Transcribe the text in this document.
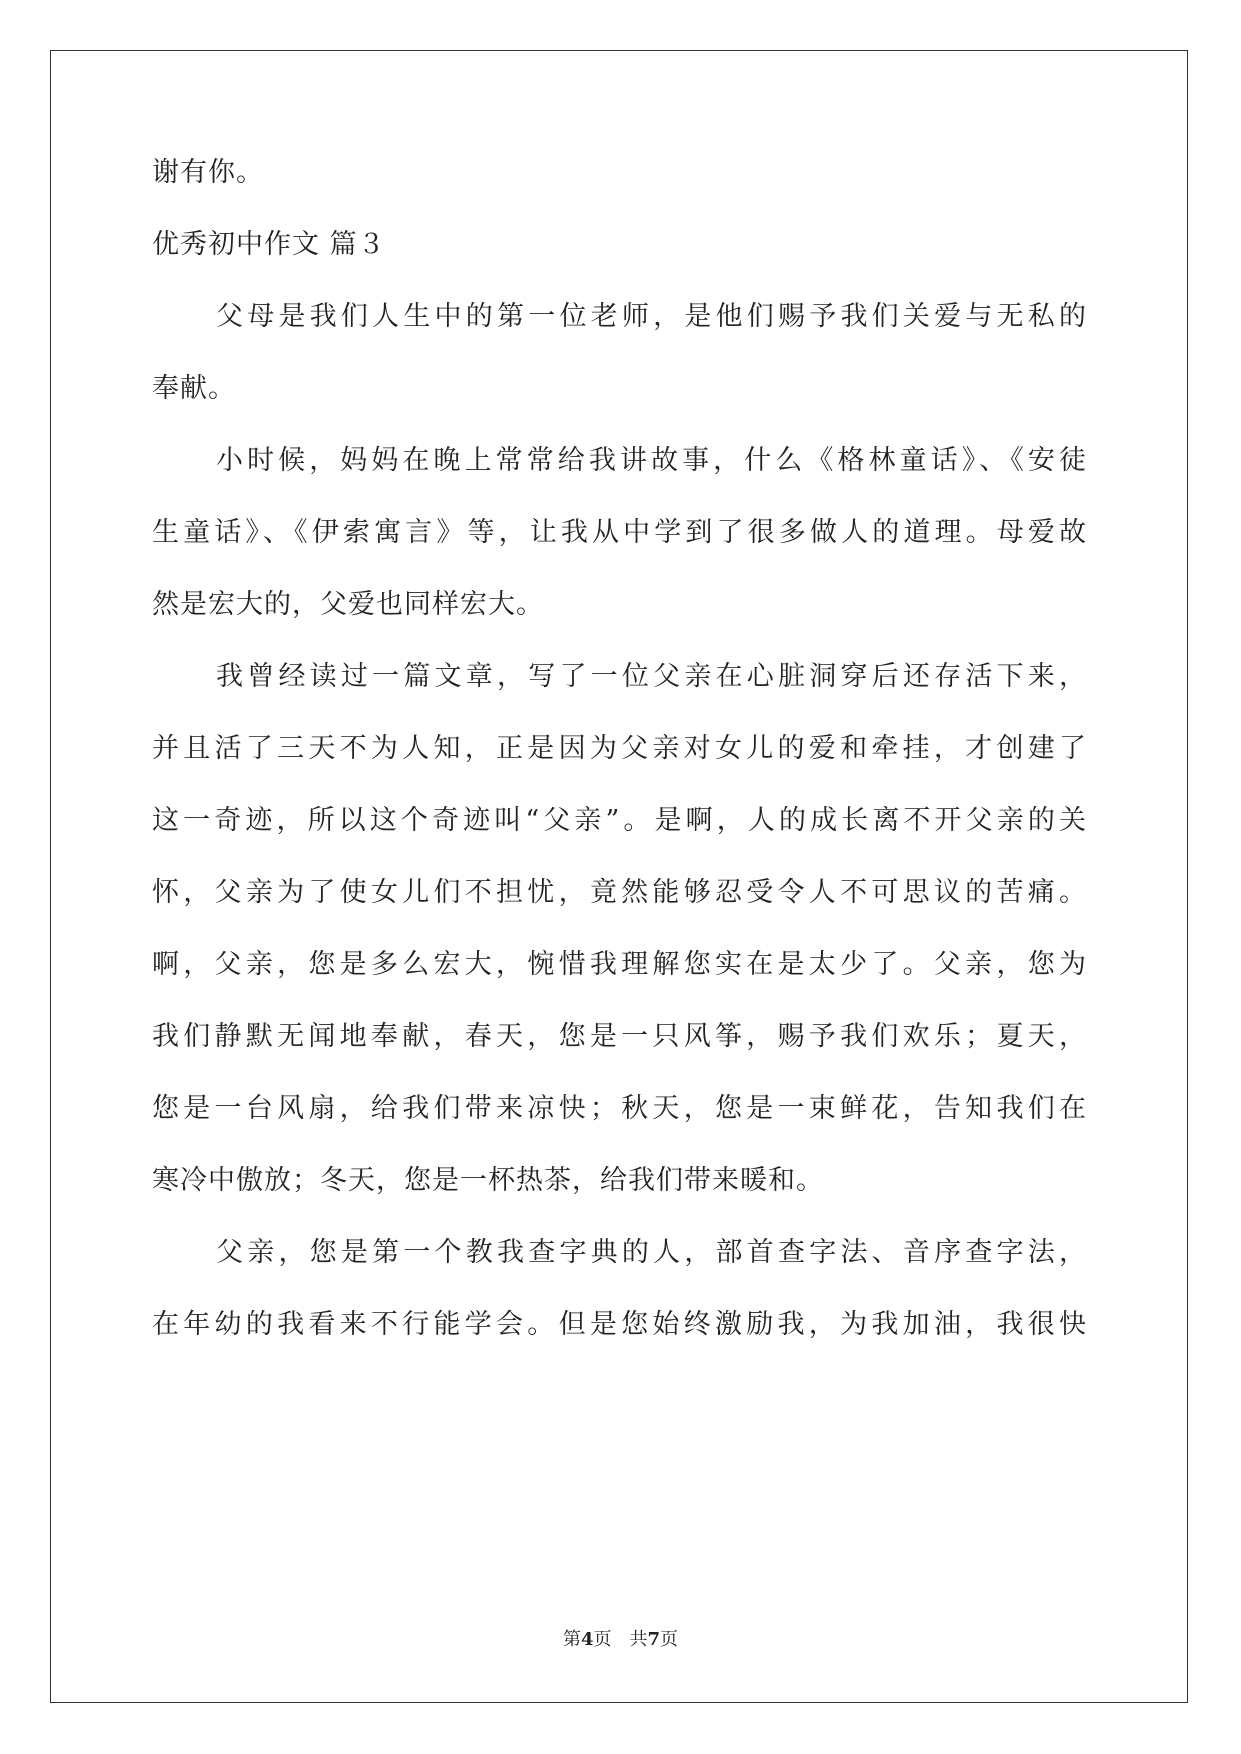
谢有你。
优秀初中作文 篇３
父母是我们人生中的第一位老师，是他们赐予我们关爱与无私的
奉献。
小时候，妈妈在晚上常常给我讲故事，什么《格林童话》、《安徒
生童话》、《伊索寓言》等，让我从中学到了很多做人的道理。母爱故
然是宏大的，父爱也同样宏大。
我曾经读过一篇文章，写了一位父亲在心脏洞穿后还存活下来，
并且活了三天不为人知，正是因为父亲对女儿的爱和牵挂，才创建了
这一奇迹，所以这个奇迹叫“父亲”。是啊，人的成长离不开父亲的关
怀，父亲为了使女儿们不担忧，竟然能够忍受令人不可思议的苦痛。
啊，父亲，您是多么宏大，惋惜我理解您实在是太少了。父亲，您为
我们静默无闻地奉献，春天，您是一只风筝，赐予我们欢乐；夏天，
您是一台风扇，给我们带来凉快；秋天，您是一束鲜花，告知我们在
寒冷中傲放；冬天，您是一杯热茶，给我们带来暖和。
父亲，您是第一个教我查字典的人，部首查字法、音序查字法，
在年幼的我看来不行能学会。但是您始终激励我，为我加油，我很快
第4页 共7页
